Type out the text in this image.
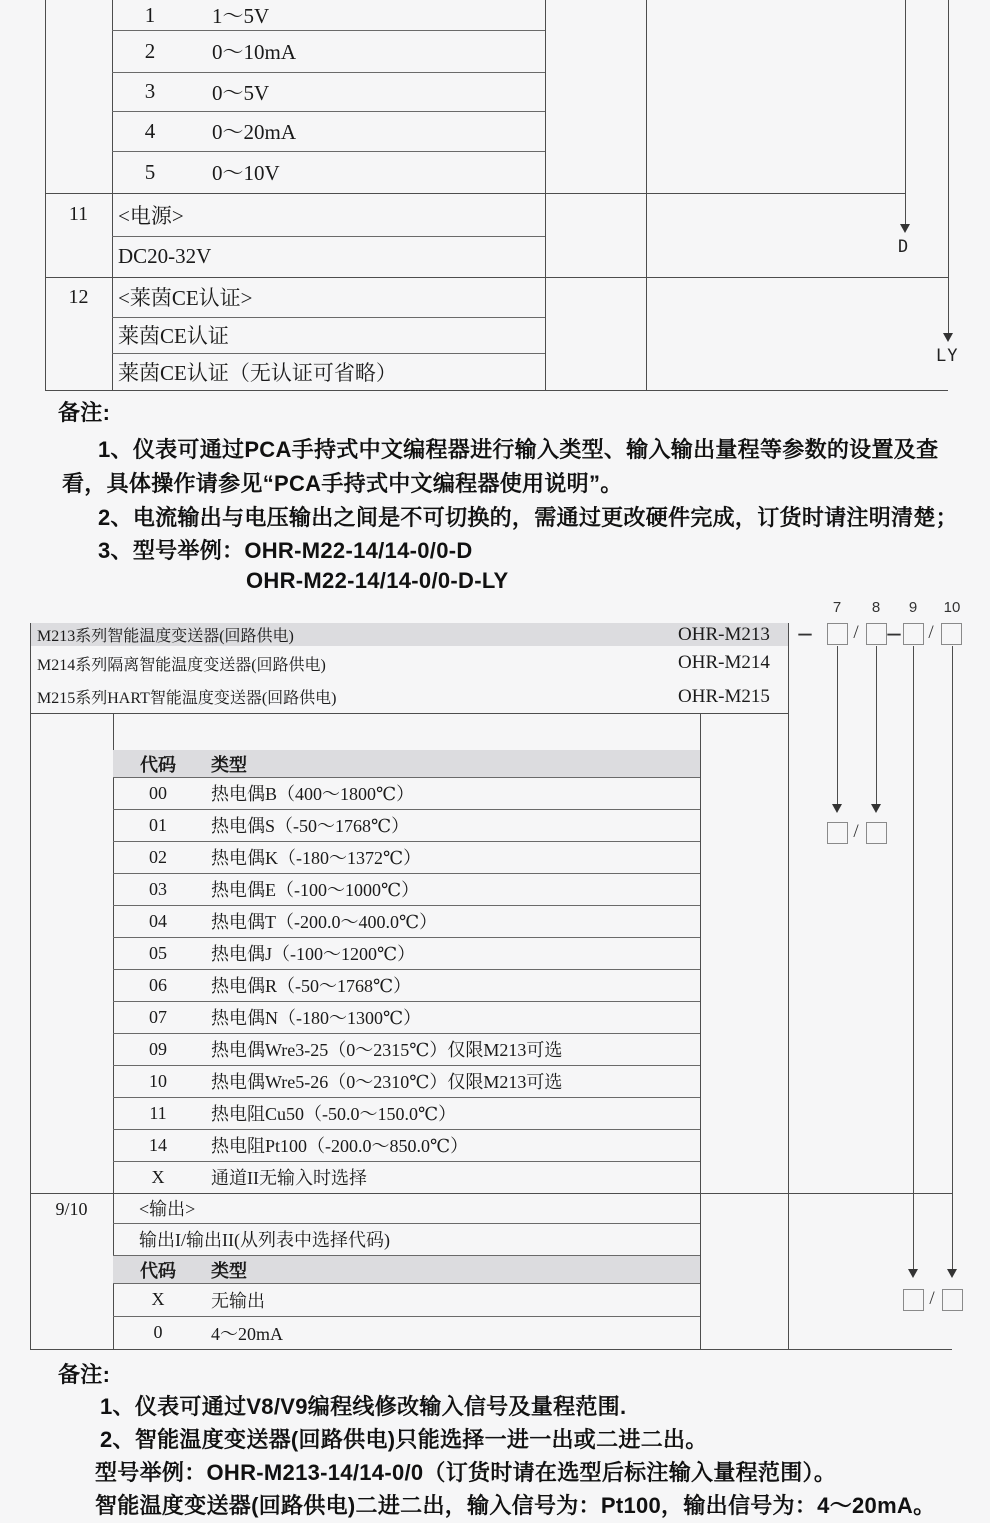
1	1～5V
2	0～10mA
3	0～5V
4	0～20mA
5	0～10V
11	<电源>
DC20-32V
12	<莱茵CE认证>
莱茵CE认证
莱茵CE认证（无认证可省略）
D
LY
备注:
1、仪表可通过PCA手持式中文编程器进行输入类型、输入输出量程等参数的设置及查
看，具体操作请参见“PCA手持式中文编程器使用说明”。
2、电流输出与电压输出之间是不可切换的，需通过更改硬件完成，订货时请注明清楚；
3、型号举例：OHR-M22-14/14-0/0-D
OHR-M22-14/14-0/0-D-LY
M213系列智能温度变送器(回路供电)	OHR-M213
M214系列隔离智能温度变送器(回路供电)	OHR-M214
M215系列HART智能温度变送器(回路供电)	OHR-M215
代码	类型
00	热电偶B（400～1800℃）
01	热电偶S（-50～1768℃）
02	热电偶K（-180～1372℃）
03	热电偶E（-100～1000℃）
04	热电偶T（-200.0～400.0℃）
05	热电偶J（-100～1200℃）
06	热电偶R（-50～1768℃）
07	热电偶N（-180～1300℃）
09	热电偶Wre3-25（0～2315℃）仅限M213可选
10	热电偶Wre5-26（0～2310℃）仅限M213可选
11	热电阻Cu50（-50.0～150.0℃）
14	热电阻Pt100（-200.0～850.0℃）
X	通道II无输入时选择
9/10	<输出>
输出I/输出II(从列表中选择代码)
代码	类型
X	无输出
0	4～20mA
7	8	9	10
–	/ –	/
/
/
备注:
1、仪表可通过V8/V9编程线修改输入信号及量程范围.
2、智能温度变送器(回路供电)只能选择一进一出或二进二出。
型号举例：OHR-M213-14/14-0/0（订货时请在选型后标注输入量程范围）。
智能温度变送器(回路供电)二进二出，输入信号为：Pt100，输出信号为：4～20mA。
